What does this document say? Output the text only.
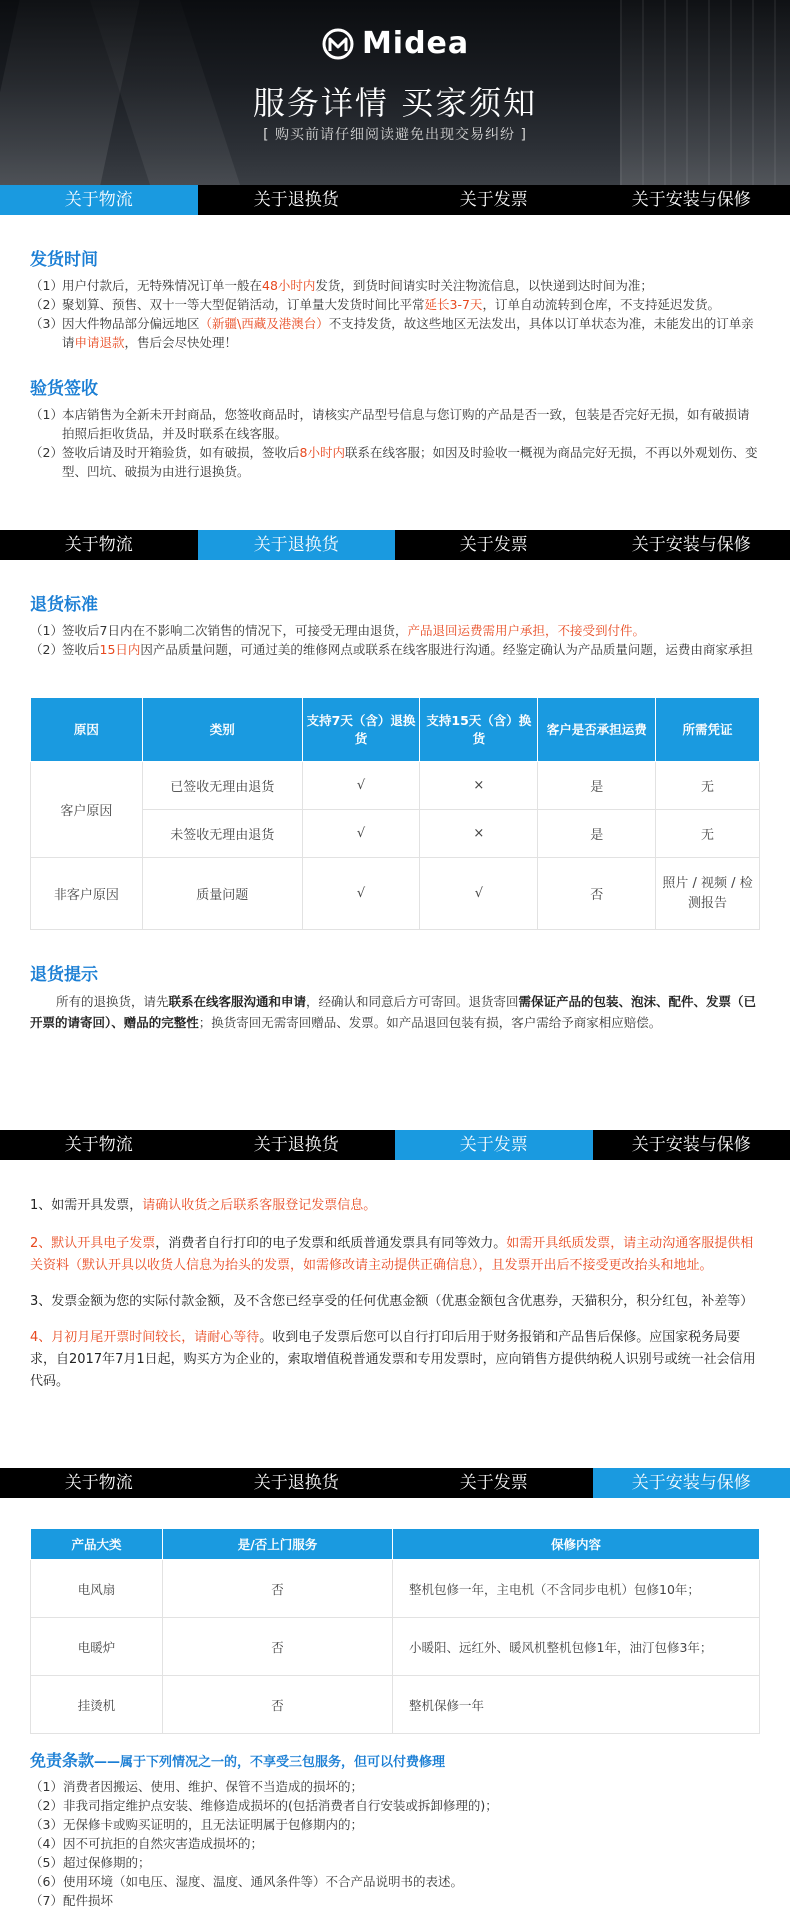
Midea
服务详情 买家须知
[ 购买前请仔细阅读避免出现交易纠纷 ]
关于物流	关于退换货	关于发票	关于安装与保修
发货时间
（1） 用户付款后，无特殊情况订单一般在48小时内发货，到货时间请实时关注物流信息，以快递到达时间为准；
（2） 聚划算、预售、双十一等大型促销活动，订单量大发货时间比平常延长3-7天，订单自动流转到仓库，不支持延迟发货。
（3） 因大件物品部分偏远地区（新疆\西藏及港澳台）不支持发货，故这些地区无法发出，具体以订单状态为准，未能发出的订单亲请申请退款，售后会尽快处理！
验货签收
（1） 本店销售为全新未开封商品，您签收商品时，请核实产品型号信息与您订购的产品是否一致，包装是否完好无损，如有破损请拍照后拒收货品，并及时联系在线客服。
（2） 签收后请及时开箱验货，如有破损，签收后8小时内联系在线客服；如因及时验收一概视为商品完好无损，不再以外观划伤、变型、凹坑、破损为由进行退换货。
关于物流	关于退换货	关于发票	关于安装与保修
退货标准
（1） 签收后7日内在不影响二次销售的情况下，可接受无理由退货，产品退回运费需用户承担，不接受到付件。
（2） 签收后15日内因产品质量问题，可通过美的维修网点或联系在线客服进行沟通。经鉴定确认为产品质量问题，运费由商家承担
原因	类别	支持7天（含）退换货	支持15天（含）换货	客户是否承担运费	所需凭证
客户原因	已签收无理由退货	√	×	是	无
	未签收无理由退货	√	×	是	无
非客户原因	质量问题	√	√	否	照片 / 视频 / 检测报告
退货提示

所有的退换货，请先联系在线客服沟通和申请，经确认和同意后方可寄回。退货寄回需保证产品的包装、泡沫、配件、发票（已开票的请寄回）、赠品的完整性；换货寄回无需寄回赠品、发票。如产品退回包装有损，客户需给予商家相应赔偿。

关于物流	关于退换货	关于发票	关于安装与保修

1、如需开具发票，请确认收货之后联系客服登记发票信息。

2、默认开具电子发票，消费者自行打印的电子发票和纸质普通发票具有同等效力。如需开具纸质发票，请主动沟通客服提供相关资料（默认开具以收货人信息为抬头的发票，如需修改请主动提供正确信息），且发票开出后不接受更改抬头和地址。

3、发票金额为您的实际付款金额，及不含您已经享受的任何优惠金额（优惠金额包含优惠券，天猫积分，积分红包，补差等）

4、月初月尾开票时间较长，请耐心等待。收到电子发票后您可以自行打印后用于财务报销和产品售后保修。应国家税务局要求，自2017年7月1日起，购买方为企业的，索取增值税普通发票和专用发票时，应向销售方提供纳税人识别号或统一社会信用代码。

关于物流	关于退换货	关于发票	关于安装与保修
产品大类	是/否上门服务	保修内容
电风扇	否	整机包修一年，主电机（不含同步电机）包修10年；
电暖炉	否	小暖阳、远红外、暖风机整机包修1年，油汀包修3年；
挂烫机	否	整机保修一年
免责条款——属于下列情况之一的，不享受三包服务，但可以付费修理
（1）消费者因搬运、使用、维护、保管不当造成的损坏的；
（2）非我司指定维护点安装、维修造成损坏的(包括消费者自行安装或拆卸修理的)；
（3）无保修卡或购买证明的，且无法证明属于包修期内的；
（4）因不可抗拒的自然灾害造成损坏的；
（5）超过保修期的；
（6）使用环境（如电压、湿度、温度、通风条件等）不合产品说明书的表述。
（7）配件损坏
